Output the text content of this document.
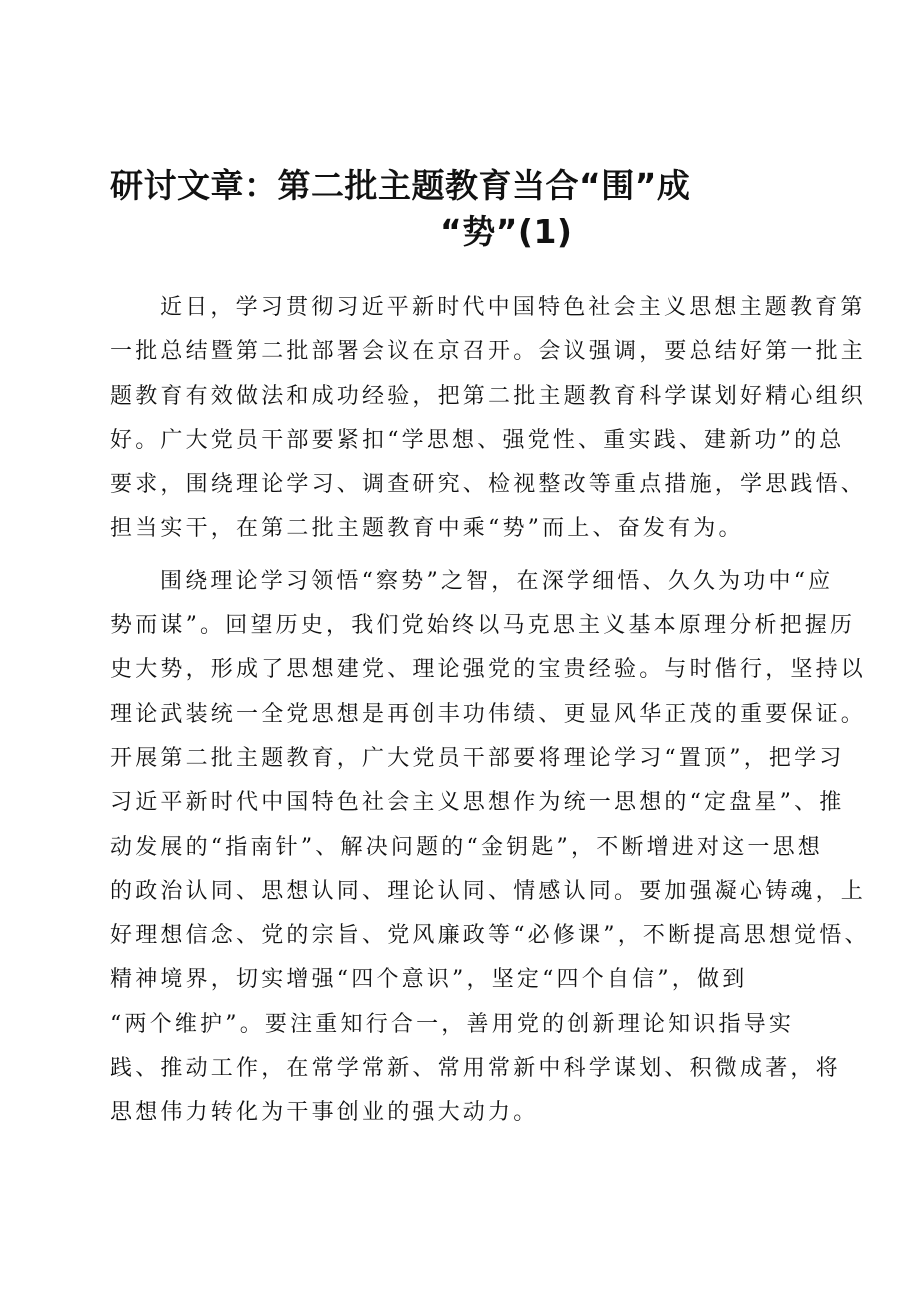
研讨文章：第二批主题教育当合“围”成
“势”(1)
近日，学习贯彻习近平新时代中国特色社会主义思想主题教育第
一批总结暨第二批部署会议在京召开。会议强调，要总结好第一批主
题教育有效做法和成功经验，把第二批主题教育科学谋划好精心组织
好。广大党员干部要紧扣“学思想、强党性、重实践、建新功”的总
要求，围绕理论学习、调查研究、检视整改等重点措施，学思践悟、
担当实干，在第二批主题教育中乘“势”而上、奋发有为。
围绕理论学习领悟“察势”之智，在深学细悟、久久为功中“应
势而谋”。回望历史，我们党始终以马克思主义基本原理分析把握历
史大势，形成了思想建党、理论强党的宝贵经验。与时偕行，坚持以
理论武装统一全党思想是再创丰功伟绩、更显风华正茂的重要保证。
开展第二批主题教育，广大党员干部要将理论学习“置顶”，把学习
习近平新时代中国特色社会主义思想作为统一思想的“定盘星”、推
动发展的“指南针”、解决问题的“金钥匙”，不断增进对这一思想
的政治认同、思想认同、理论认同、情感认同。要加强凝心铸魂，上
好理想信念、党的宗旨、党风廉政等“必修课”，不断提高思想觉悟、
精神境界，切实增强“四个意识”，坚定“四个自信”，做到
“两个维护”。要注重知行合一，善用党的创新理论知识指导实
践、推动工作，在常学常新、常用常新中科学谋划、积微成著，将
思想伟力转化为干事创业的强大动力。
